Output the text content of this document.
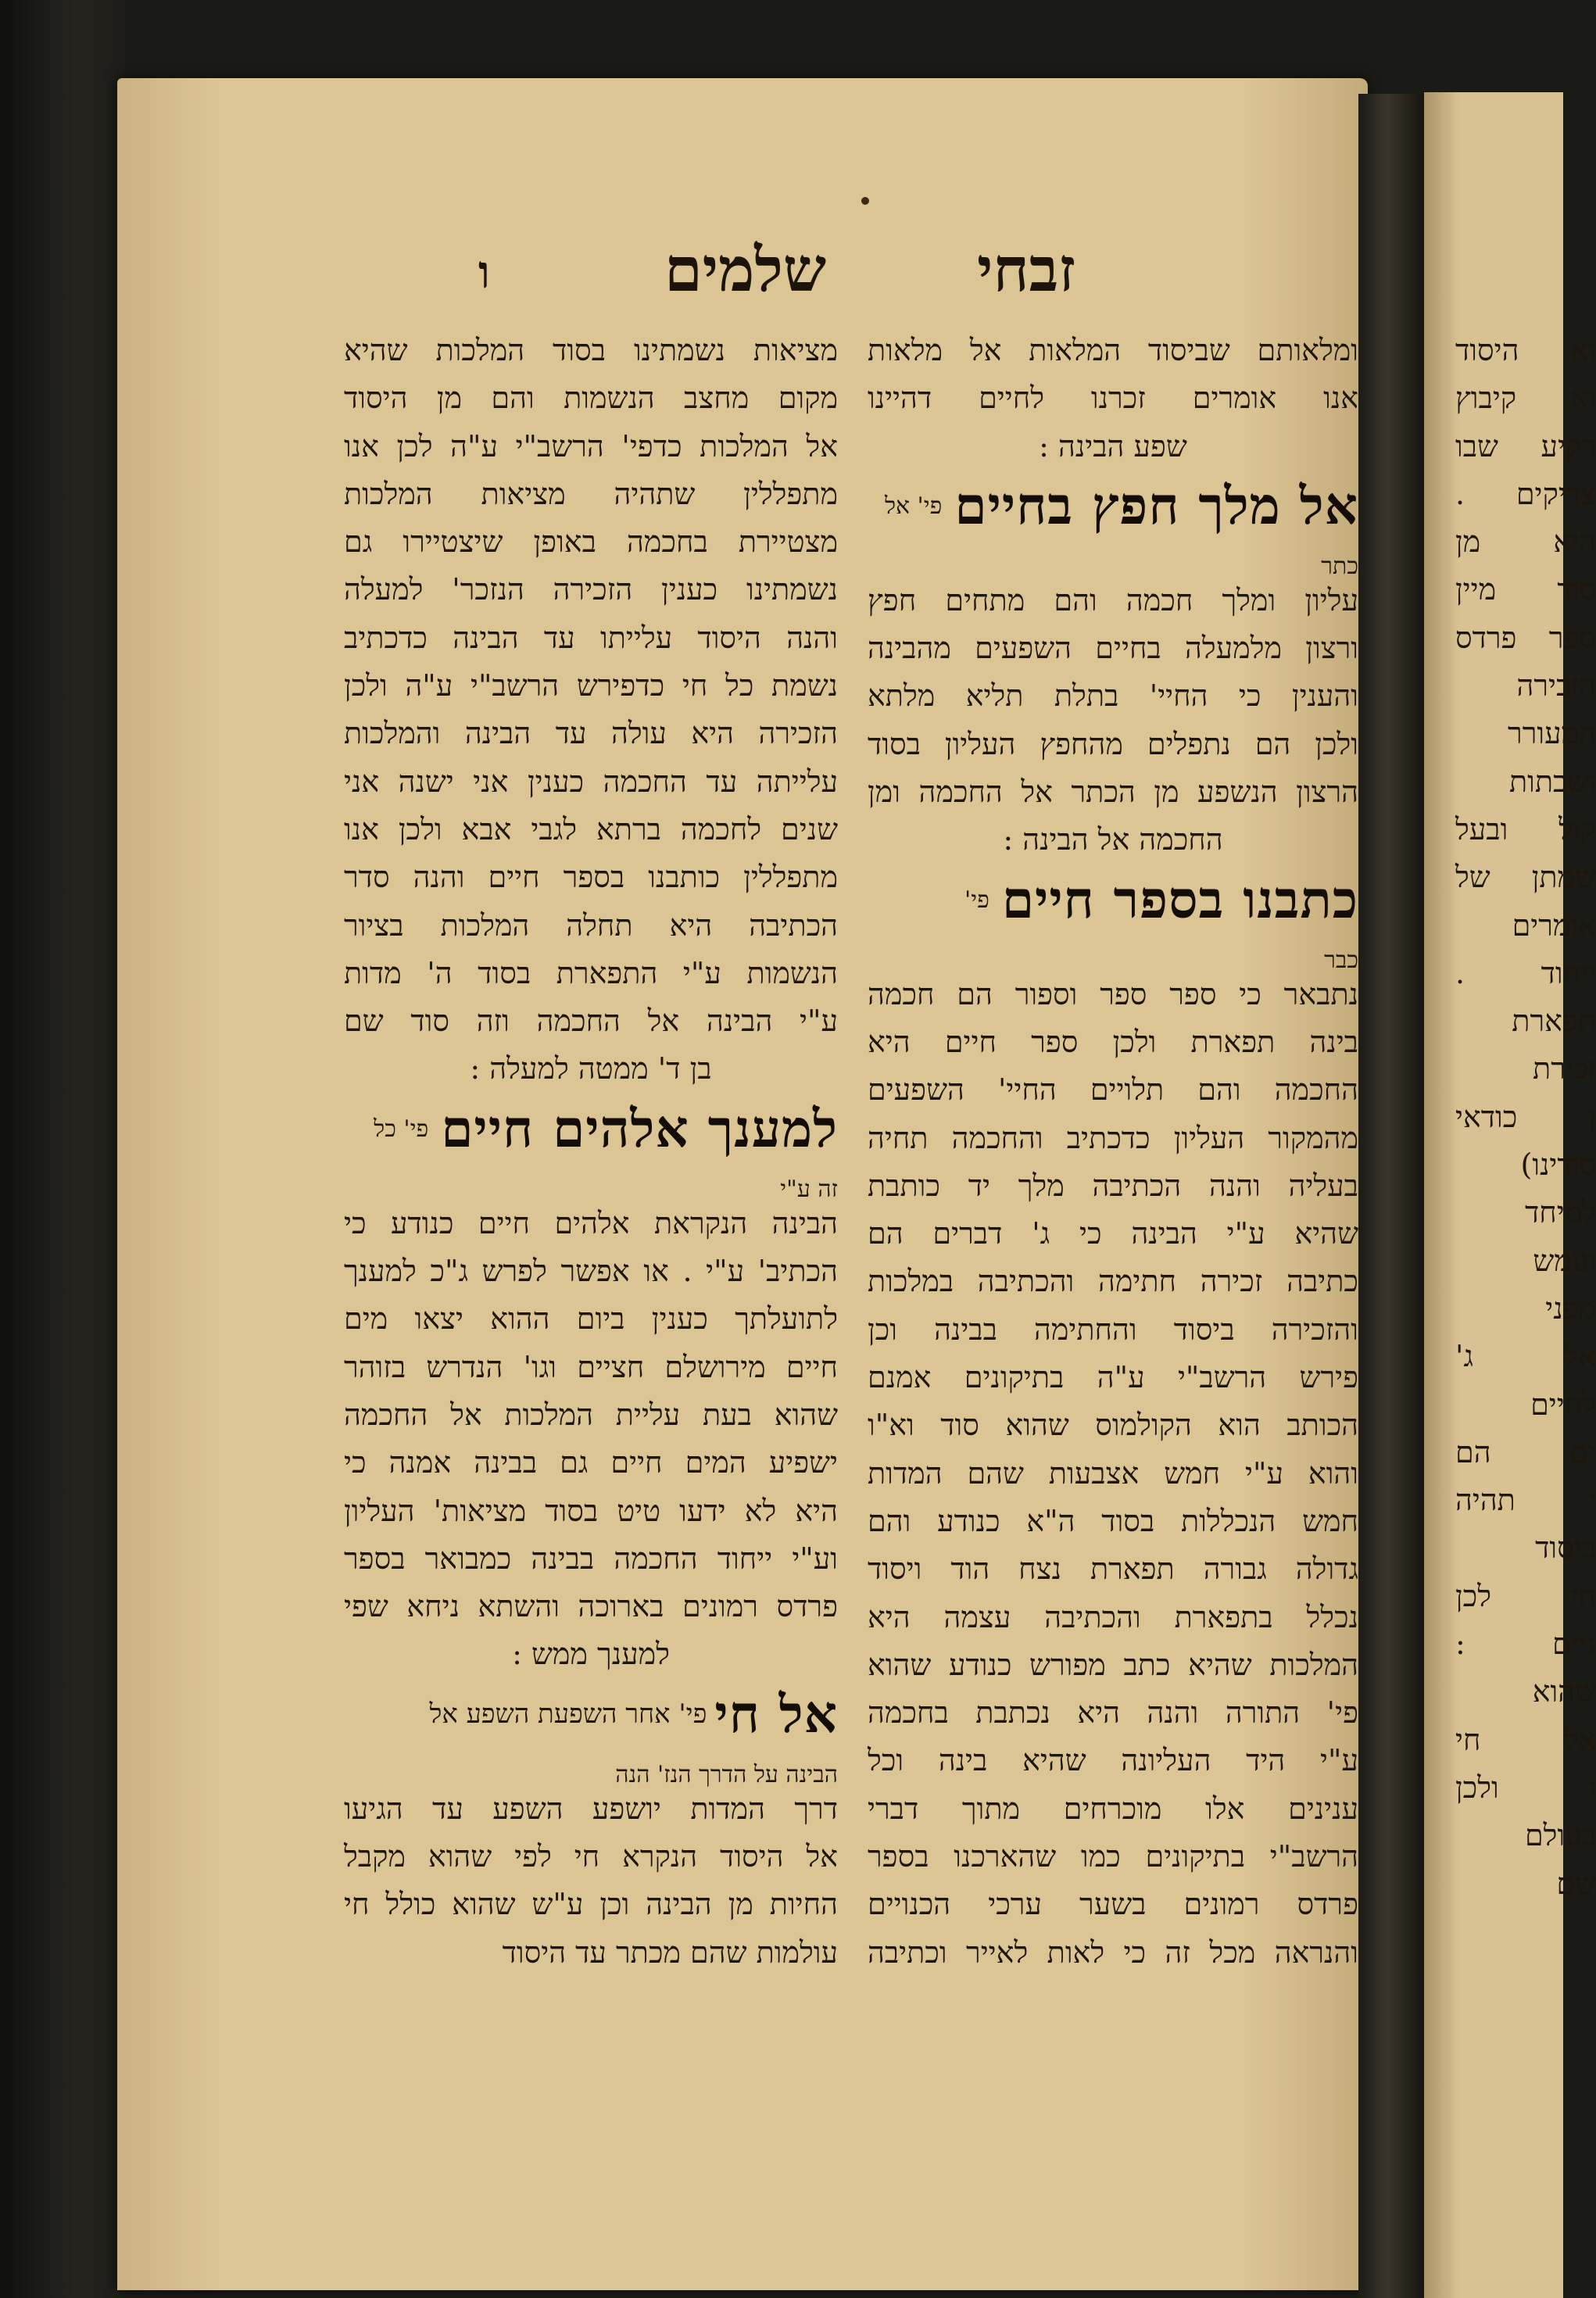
וא היסוד
וא קיבוץ
רקיע שבו
צדיקים .
היא מן
סוד מיין
ספר פרדס
הזכירה
המעורר
ושבתות
קול ובעל
שמתן של
אומרים
ייחוד .
תפארת
זכירת
ן כודאי
סודינו)
למיחד
ועמש
מפני
אל ג'
לחיים
ים הם
י תהיה
ביסוד
חי לכן
ניים :
שהוא
אל חי
ו ולכן
בעולם
שם
ו	שלמים זבחי
ומלאותם שביסוד המלאות אל מלאות
אנו אומרים זכרנו לחיים דהיינו
שפע הבינה :
אל מלך חפץ בחיים
פי' אל
כתר
עליון ומלך חכמה והם מתחים חפץ
ורצון מלמעלה בחיים השפעים מהבינה
והענין כי החיי' בתלת תליא מלתא
ולכן הם נתפלים מהחפץ העליון בסוד
הרצון הנשפע מן הכתר אל החכמה ומן
החכמה אל הבינה :
כתבנו בספר חיים
פי'
כבר
נתבאר כי ספר ספר וספור הם חכמה
בינה תפארת ולכן ספר חיים היא
החכמה והם תלויים החיי' השפעים
מהמקור העליון כדכתיב והחכמה תחיה
בעליה והנה הכתיבה מלך יד כותבת
שהיא ע"י הבינה כי ג' דברים הם
כתיבה זכירה חתימה והכתיבה במלכות
והזכירה ביסוד והחתימה בבינה וכן
פירש הרשב"י ע"ה בתיקונים אמנם
הכותב הוא הקולמוס שהוא סוד וא"ו
והוא ע"י חמש אצבעות שהם המדות
חמש הנכללות בסוד ה"א כנודע והם
גדולה גבורה תפארת נצח הוד ויסוד
נכלל בתפארת והכתיבה עצמה היא
המלכות שהיא כתב מפורש כנודע שהוא
פי' התורה והנה היא נכתבת בחכמה
ע"י היד העליונה שהיא בינה וכל
ענינים אלו מוכרחים מתוך דברי
הרשב"י בתיקונים כמו שהארכנו בספר
פרדס רמונים בשער ערכי הכנויים
והנראה מכל זה כי לאות לאייר וכתיבה
מציאות נשמתינו בסוד המלכות שהיא
מקום מחצב הנשמות והם מן היסוד
אל המלכות כדפי' הרשב"י ע"ה לכן אנו
מתפללין שתהיה מציאות המלכות
מצטיירת בחכמה באופן שיצטיירו גם
נשמתינו כענין הזכירה הנזכר' למעלה
והנה היסוד עלייתו עד הבינה כדכתיב
נשמת כל חי כדפירש הרשב"י ע"ה ולכן
הזכירה היא עולה עד הבינה והמלכות
עלייתה עד החכמה כענין אני ישנה אני
שנים לחכמה ברתא לגבי אבא ולכן אנו
מתפללין כותבנו בספר חיים והנה סדר
הכתיבה היא תחלה המלכות בציור
הנשמות ע"י התפארת בסוד ה' מדות
ע"י הבינה אל החכמה וזה סוד שם
בן ד' ממטה למעלה :
למענך אלהים חיים
פי' כל
זה ע"י
הבינה הנקראת אלהים חיים כנודע כי
הכתיב' ע"י . או אפשר לפרש ג"כ למענך
לתועלתך כענין ביום ההוא יצאו מים
חיים מירושלם חציים וגו' הנדרש בזוהר
שהוא בעת עליית המלכות אל החכמה
ישפיע המים חיים גם בבינה אמנה כי
היא לא ידעו טיט בסוד מציאות' העליון
וע"י ייחוד החכמה בבינה כמבואר בספר
פרדס רמונים בארוכה והשתא ניחא שפי
למענך ממש :
אל חי
פי' אחר השפעת השפע אל
הבינה על הדרך הנז' הנה
דרך המדות יושפע השפע עד הגיעו
אל היסוד הנקרא חי לפי שהוא מקבל
החיות מן הבינה וכן ע"ש שהוא כולל חי
עולמות שהם מכתר עד היסוד
